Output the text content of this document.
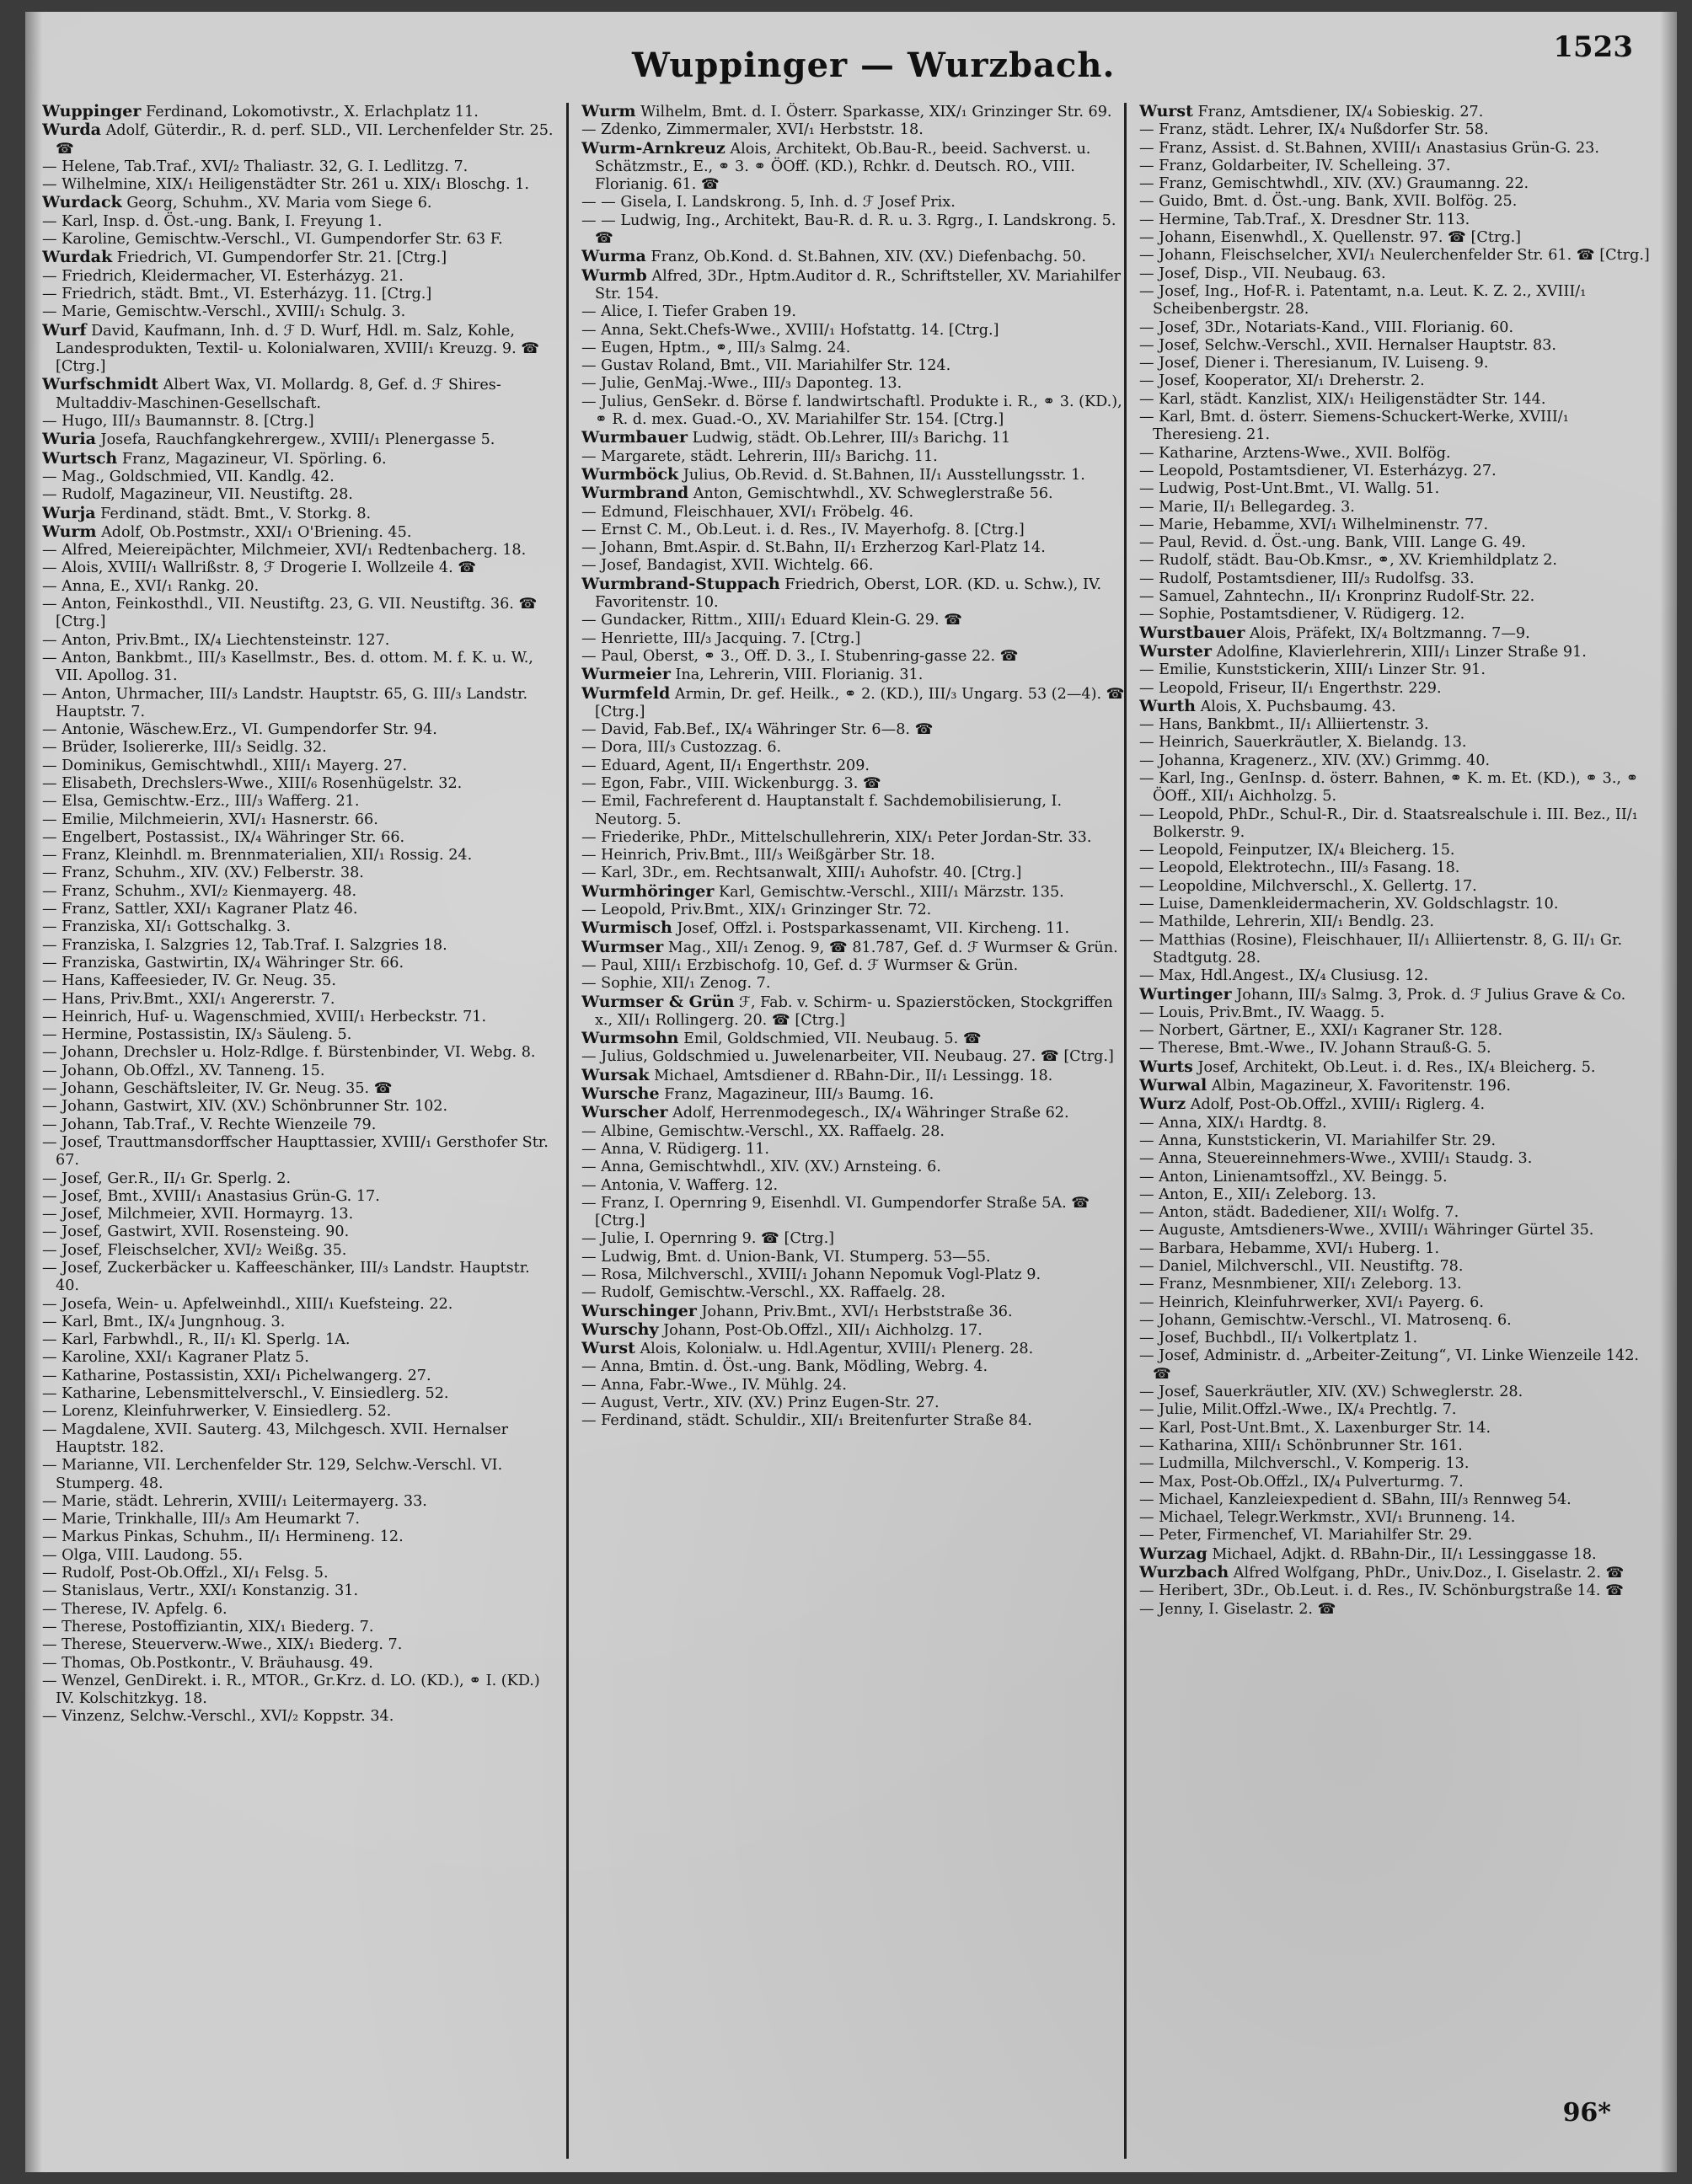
Wuppinger — Wurzbach.	1523
Wuppinger Ferdinand, Lokomotivstr., X. Erlachplatz 11.
Wurda Adolf, Güterdir., R. d. perf. SLD., VII. Lerchenfelder Str. 25. ☎
— Helene, Tab.Traf., XVI/₂ Thaliastr. 32, G. I. Ledlitzg. 7.
— Wilhelmine, XIX/₁ Heiligenstädter Str. 261 u. XIX/₁ Bloschg. 1.
Wurdack Georg, Schuhm., XV. Maria vom Siege 6.
— Karl, Insp. d. Öst.-ung. Bank, I. Freyung 1.
— Karoline, Gemischtw.-Verschl., VI. Gumpendorfer Str. 63 F.
Wurdak Friedrich, VI. Gumpendorfer Str. 21. [Ctrg.]
— Friedrich, Kleidermacher, VI. Esterházyg. 21.
— Friedrich, städt. Bmt., VI. Esterházyg. 11. [Ctrg.]
— Marie, Gemischtw.-Verschl., XVIII/₁ Schulg. 3.
Wurf David, Kaufmann, Inh. d. ℱ D. Wurf, Hdl. m. Salz, Kohle, Landesprodukten, Textil- u. Kolonialwaren, XVIII/₁ Kreuzg. 9. ☎ [Ctrg.]
Wurfschmidt Albert Wax, VI. Mollardg. 8, Gef. d. ℱ Shires-Multaddiv-Maschinen-Gesellschaft.
— Hugo, III/₃ Baumannstr. 8. [Ctrg.]
Wuria Josefa, Rauchfangkehrergew., XVIII/₁ Plenergasse 5.
Wurtsch Franz, Magazineur, VI. Spörling. 6.
— Mag., Goldschmied, VII. Kandlg. 42.
— Rudolf, Magazineur, VII. Neustiftg. 28.
Wurja Ferdinand, städt. Bmt., V. Storkg. 8.
Wurm Adolf, Ob.Postmstr., XXI/₁ O'Briening. 45.
— Alfred, Meiereipächter, Milchmeier, XVI/₁ Redtenbacherg. 18.
— Alois, XVIII/₁ Wallrißstr. 8, ℱ Drogerie I. Wollzeile 4. ☎
— Anna, E., XVI/₁ Rankg. 20.
— Anton, Feinkosthdl., VII. Neustiftg. 23, G. VII. Neustiftg. 36. ☎ [Ctrg.]
— Anton, Priv.Bmt., IX/₄ Liechtensteinstr. 127.
— Anton, Bankbmt., III/₃ Kasellmstr., Bes. d. ottom. M. f. K. u. W., VII. Apollog. 31.
— Anton, Uhrmacher, III/₃ Landstr. Hauptstr. 65, G. III/₃ Landstr. Hauptstr. 7.
— Antonie, Wäschew.Erz., VI. Gumpendorfer Str. 94.
— Brüder, Isoliererke, III/₃ Seidlg. 32.
— Dominikus, Gemischtwhdl., XIII/₁ Mayerg. 27.
— Elisabeth, Drechslers-Wwe., XIII/₆ Rosenhügelstr. 32.
— Elsa, Gemischtw.-Erz., III/₃ Wafferg. 21.
— Emilie, Milchmeierin, XVI/₁ Hasnerstr. 66.
— Engelbert, Postassist., IX/₄ Währinger Str. 66.
— Franz, Kleinhdl. m. Brennmaterialien, XII/₁ Rossig. 24.
— Franz, Schuhm., XIV. (XV.) Felberstr. 38.
— Franz, Schuhm., XVI/₂ Kienmayerg. 48.
— Franz, Sattler, XXI/₁ Kagraner Platz 46.
— Franziska, XI/₁ Gottschalkg. 3.
— Franziska, I. Salzgries 12, Tab.Traf. I. Salzgries 18.
— Franziska, Gastwirtin, IX/₄ Währinger Str. 66.
— Hans, Kaffeesieder, IV. Gr. Neug. 35.
— Hans, Priv.Bmt., XXI/₁ Angererstr. 7.
— Heinrich, Huf- u. Wagenschmied, XVIII/₁ Herbeckstr. 71.
— Hermine, Postassistin, IX/₃ Säuleng. 5.
— Johann, Drechsler u. Holz-Rdlge. f. Bürstenbinder, VI. Webg. 8.
— Johann, Ob.Offzl., XV. Tanneng. 15.
— Johann, Geschäftsleiter, IV. Gr. Neug. 35. ☎
— Johann, Gastwirt, XIV. (XV.) Schönbrunner Str. 102.
— Johann, Tab.Traf., V. Rechte Wienzeile 79.
— Josef, Trauttmansdorffscher Haupttassier, XVIII/₁ Gersthofer Str. 67.
— Josef, Ger.R., II/₁ Gr. Sperlg. 2.
— Josef, Bmt., XVIII/₁ Anastasius Grün-G. 17.
— Josef, Milchmeier, XVII. Hormayrg. 13.
— Josef, Gastwirt, XVII. Rosensteing. 90.
— Josef, Fleischselcher, XVI/₂ Weißg. 35.
— Josef, Zuckerbäcker u. Kaffeeschänker, III/₃ Landstr. Hauptstr. 40.
— Josefa, Wein- u. Apfelweinhdl., XIII/₁ Kuefsteing. 22.
— Karl, Bmt., IX/₄ Jungnhoug. 3.
— Karl, Farbwhdl., R., II/₁ Kl. Sperlg. 1A.
— Karoline, XXI/₁ Kagraner Platz 5.
— Katharine, Postassistin, XXI/₁ Pichelwangerg. 27.
— Katharine, Lebensmittelverschl., V. Einsiedlerg. 52.
— Lorenz, Kleinfuhrwerker, V. Einsiedlerg. 52.
— Magdalene, XVII. Sauterg. 43, Milchgesch. XVII. Hernalser Hauptstr. 182.
— Marianne, VII. Lerchenfelder Str. 129, Selchw.-Verschl. VI. Stumperg. 48.
— Marie, städt. Lehrerin, XVIII/₁ Leitermayerg. 33.
— Marie, Trinkhalle, III/₃ Am Heumarkt 7.
— Markus Pinkas, Schuhm., II/₁ Hermineng. 12.
— Olga, VIII. Laudong. 55.
— Rudolf, Post-Ob.Offzl., XI/₁ Felsg. 5.
— Stanislaus, Vertr., XXI/₁ Konstanzig. 31.
— Therese, IV. Apfelg. 6.
— Therese, Postoffiziantin, XIX/₁ Biederg. 7.
— Therese, Steuerverw.-Wwe., XIX/₁ Biederg. 7.
— Thomas, Ob.Postkontr., V. Bräuhausg. 49.
— Wenzel, GenDirekt. i. R., MTOR., Gr.Krz. d. LO. (KD.), ⚭ I. (KD.) IV. Kolschitzkyg. 18.
— Vinzenz, Selchw.-Verschl., XVI/₂ Koppstr. 34.
Wurm Wilhelm, Bmt. d. I. Österr. Sparkasse, XIX/₁ Grinzinger Str. 69.
— Zdenko, Zimmermaler, XVI/₁ Herbststr. 18.
Wurm-Arnkreuz Alois, Architekt, Ob.Bau-R., beeid. Sachverst. u. Schätzmstr., E., ⚭ 3. ⚭ ÖOff. (KD.), Rchkr. d. Deutsch. RO., VIII. Florianig. 61. ☎
— — Gisela, I. Landskrong. 5, Inh. d. ℱ Josef Prix.
— — Ludwig, Ing., Architekt, Bau-R. d. R. u. 3. Rgrg., I. Landskrong. 5. ☎
Wurma Franz, Ob.Kond. d. St.Bahnen, XIV. (XV.) Diefenbachg. 50.
Wurmb Alfred, 3Dr., Hptm.Auditor d. R., Schriftsteller, XV. Mariahilfer Str. 154.
— Alice, I. Tiefer Graben 19.
— Anna, Sekt.Chefs-Wwe., XVIII/₁ Hofstattg. 14. [Ctrg.]
— Eugen, Hptm., ⚭, III/₃ Salmg. 24.
— Gustav Roland, Bmt., VII. Mariahilfer Str. 124.
— Julie, GenMaj.-Wwe., III/₃ Daponteg. 13.
— Julius, GenSekr. d. Börse f. landwirtschaftl. Produkte i. R., ⚭ 3. (KD.), ⚭ R. d. mex. Guad.-O., XV. Mariahilfer Str. 154. [Ctrg.]
Wurmbauer Ludwig, städt. Ob.Lehrer, III/₃ Barichg. 11
— Margarete, städt. Lehrerin, III/₃ Barichg. 11.
Wurmböck Julius, Ob.Revid. d. St.Bahnen, II/₁ Ausstellungsstr. 1.
Wurmbrand Anton, Gemischtwhdl., XV. Schweglerstraße 56.
— Edmund, Fleischhauer, XVI/₁ Fröbelg. 46.
— Ernst C. M., Ob.Leut. i. d. Res., IV. Mayerhofg. 8. [Ctrg.]
— Johann, Bmt.Aspir. d. St.Bahn, II/₁ Erzherzog Karl-Platz 14.
— Josef, Bandagist, XVII. Wichtelg. 66.
Wurmbrand-Stuppach Friedrich, Oberst, LOR. (KD. u. Schw.), IV. Favoritenstr. 10.
— Gundacker, Rittm., XIII/₁ Eduard Klein-G. 29. ☎
— Henriette, III/₃ Jacquing. 7. [Ctrg.]
— Paul, Oberst, ⚭ 3., Off. D. 3., I. Stubenring-gasse 22. ☎
Wurmeier Ina, Lehrerin, VIII. Florianig. 31.
Wurmfeld Armin, Dr. gef. Heilk., ⚭ 2. (KD.), III/₃ Ungarg. 53 (2—4). ☎ [Ctrg.]
— David, Fab.Bef., IX/₄ Währinger Str. 6—8. ☎
— Dora, III/₃ Custozzag. 6.
— Eduard, Agent, II/₁ Engerthstr. 209.
— Egon, Fabr., VIII. Wickenburgg. 3. ☎
— Emil, Fachreferent d. Hauptanstalt f. Sachdemobilisierung, I. Neutorg. 5.
— Friederike, PhDr., Mittelschullehrerin, XIX/₁ Peter Jordan-Str. 33.
— Heinrich, Priv.Bmt., III/₃ Weißgärber Str. 18.
— Karl, 3Dr., em. Rechtsanwalt, XIII/₁ Auhofstr. 40. [Ctrg.]
Wurmhöringer Karl, Gemischtw.-Verschl., XIII/₁ Märzstr. 135.
— Leopold, Priv.Bmt., XIX/₁ Grinzinger Str. 72.
Wurmisch Josef, Offzl. i. Postsparkassenamt, VII. Kircheng. 11.
Wurmser Mag., XII/₁ Zenog. 9, ☎ 81.787, Gef. d. ℱ Wurmser & Grün.
— Paul, XIII/₁ Erzbischofg. 10, Gef. d. ℱ Wurmser & Grün.
— Sophie, XII/₁ Zenog. 7.
Wurmser & Grün ℱ, Fab. v. Schirm- u. Spazierstöcken, Stockgriffen x., XII/₁ Rollingerg. 20. ☎ [Ctrg.]
Wurmsohn Emil, Goldschmied, VII. Neubaug. 5. ☎
— Julius, Goldschmied u. Juwelenarbeiter, VII. Neubaug. 27. ☎ [Ctrg.]
Wursak Michael, Amtsdiener d. RBahn-Dir., II/₁ Lessingg. 18.
Wursche Franz, Magazineur, III/₃ Baumg. 16.
Wurscher Adolf, Herrenmodegesch., IX/₄ Währinger Straße 62.
— Albine, Gemischtw.-Verschl., XX. Raffaelg. 28.
— Anna, V. Rüdigerg. 11.
— Anna, Gemischtwhdl., XIV. (XV.) Arnsteing. 6.
— Antonia, V. Wafferg. 12.
— Franz, I. Opernring 9, Eisenhdl. VI. Gumpendorfer Straße 5A. ☎ [Ctrg.]
— Julie, I. Opernring 9. ☎ [Ctrg.]
— Ludwig, Bmt. d. Union-Bank, VI. Stumperg. 53—55.
— Rosa, Milchverschl., XVIII/₁ Johann Nepomuk Vogl-Platz 9.
— Rudolf, Gemischtw.-Verschl., XX. Raffaelg. 28.
Wurschinger Johann, Priv.Bmt., XVI/₁ Herbststraße 36.
Wurschy Johann, Post-Ob.Offzl., XII/₁ Aichholzg. 17.
Wurst Alois, Kolonialw. u. Hdl.Agentur, XVIII/₁ Plenerg. 28.
— Anna, Bmtin. d. Öst.-ung. Bank, Mödling, Webrg. 4.
— Anna, Fabr.-Wwe., IV. Mühlg. 24.
— August, Vertr., XIV. (XV.) Prinz Eugen-Str. 27.
— Ferdinand, städt. Schuldir., XII/₁ Breitenfurter Straße 84.
Wurst Franz, Amtsdiener, IX/₄ Sobieskig. 27.
— Franz, städt. Lehrer, IX/₄ Nußdorfer Str. 58.
— Franz, Assist. d. St.Bahnen, XVIII/₁ Anastasius Grün-G. 23.
— Franz, Goldarbeiter, IV. Schelleing. 37.
— Franz, Gemischtwhdl., XIV. (XV.) Graumanng. 22.
— Guido, Bmt. d. Öst.-ung. Bank, XVII. Bolfög. 25.
— Hermine, Tab.Traf., X. Dresdner Str. 113.
— Johann, Eisenwhdl., X. Quellenstr. 97. ☎ [Ctrg.]
— Johann, Fleischselcher, XVI/₁ Neulerchenfelder Str. 61. ☎ [Ctrg.]
— Josef, Disp., VII. Neubaug. 63.
— Josef, Ing., Hof-R. i. Patentamt, n.a. Leut. K. Z. 2., XVIII/₁ Scheibenbergstr. 28.
— Josef, 3Dr., Notariats-Kand., VIII. Florianig. 60.
— Josef, Selchw.-Verschl., XVII. Hernalser Hauptstr. 83.
— Josef, Diener i. Theresianum, IV. Luiseng. 9.
— Josef, Kooperator, XI/₁ Dreherstr. 2.
— Karl, städt. Kanzlist, XIX/₁ Heiligenstädter Str. 144.
— Karl, Bmt. d. österr. Siemens-Schuckert-Werke, XVIII/₁ Theresieng. 21.
— Katharine, Arztens-Wwe., XVII. Bolfög.
— Leopold, Postamtsdiener, VI. Esterházyg. 27.
— Ludwig, Post-Unt.Bmt., VI. Wallg. 51.
— Marie, II/₁ Bellegardeg. 3.
— Marie, Hebamme, XVI/₁ Wilhelminenstr. 77.
— Paul, Revid. d. Öst.-ung. Bank, VIII. Lange G. 49.
— Rudolf, städt. Bau-Ob.Kmsr., ⚭, XV. Kriemhildplatz 2.
— Rudolf, Postamtsdiener, III/₃ Rudolfsg. 33.
— Samuel, Zahntechn., II/₁ Kronprinz Rudolf-Str. 22.
— Sophie, Postamtsdiener, V. Rüdigerg. 12.
Wurstbauer Alois, Präfekt, IX/₄ Boltzmanng. 7—9.
Wurster Adolfine, Klavierlehrerin, XIII/₁ Linzer Straße 91.
— Emilie, Kunststickerin, XIII/₁ Linzer Str. 91.
— Leopold, Friseur, II/₁ Engerthstr. 229.
Wurth Alois, X. Puchsbaumg. 43.
— Hans, Bankbmt., II/₁ Alliiertenstr. 3.
— Heinrich, Sauerkräutler, X. Bielandg. 13.
— Johanna, Kragenerz., XIV. (XV.) Grimmg. 40.
— Karl, Ing., GenInsp. d. österr. Bahnen, ⚭ K. m. Et. (KD.), ⚭ 3., ⚭ ÖOff., XII/₁ Aichholzg. 5.
— Leopold, PhDr., Schul-R., Dir. d. Staatsrealschule i. III. Bez., II/₁ Bolkerstr. 9.
— Leopold, Feinputzer, IX/₄ Bleicherg. 15.
— Leopold, Elektrotechn., III/₃ Fasang. 18.
— Leopoldine, Milchverschl., X. Gellertg. 17.
— Luise, Damenkleidermacherin, XV. Goldschlagstr. 10.
— Mathilde, Lehrerin, XII/₁ Bendlg. 23.
— Matthias (Rosine), Fleischhauer, II/₁ Alliiertenstr. 8, G. II/₁ Gr. Stadtgutg. 28.
— Max, Hdl.Angest., IX/₄ Clusiusg. 12.
Wurtinger Johann, III/₃ Salmg. 3, Prok. d. ℱ Julius Grave & Co.
— Louis, Priv.Bmt., IV. Waagg. 5.
— Norbert, Gärtner, E., XXI/₁ Kagraner Str. 128.
— Therese, Bmt.-Wwe., IV. Johann Strauß-G. 5.
Wurts Josef, Architekt, Ob.Leut. i. d. Res., IX/₄ Bleicherg. 5.
Wurwal Albin, Magazineur, X. Favoritenstr. 196.
Wurz Adolf, Post-Ob.Offzl., XVIII/₁ Riglerg. 4.
— Anna, XIX/₁ Hardtg. 8.
— Anna, Kunststickerin, VI. Mariahilfer Str. 29.
— Anna, Steuereinnehmers-Wwe., XVIII/₁ Staudg. 3.
— Anton, Linienamtsoffzl., XV. Beingg. 5.
— Anton, E., XII/₁ Zeleborg. 13.
— Anton, städt. Badediener, XII/₁ Wolfg. 7.
— Auguste, Amtsdieners-Wwe., XVIII/₁ Währinger Gürtel 35.
— Barbara, Hebamme, XVI/₁ Huberg. 1.
— Daniel, Milchverschl., VII. Neustiftg. 78.
— Franz, Mesnmbiener, XII/₁ Zeleborg. 13.
— Heinrich, Kleinfuhrwerker, XVI/₁ Payerg. 6.
— Johann, Gemischtw.-Verschl., VI. Matrosenq. 6.
— Josef, Buchbdl., II/₁ Volkertplatz 1.
— Josef, Administr. d. „Arbeiter-Zeitung“, VI. Linke Wienzeile 142. ☎
— Josef, Sauerkräutler, XIV. (XV.) Schweglerstr. 28.
— Julie, Milit.Offzl.-Wwe., IX/₄ Prechtlg. 7.
— Karl, Post-Unt.Bmt., X. Laxenburger Str. 14.
— Katharina, XIII/₁ Schönbrunner Str. 161.
— Ludmilla, Milchverschl., V. Komperig. 13.
— Max, Post-Ob.Offzl., IX/₄ Pulverturmg. 7.
— Michael, Kanzleiexpedient d. SBahn, III/₃ Rennweg 54.
— Michael, Telegr.Werkmstr., XVI/₁ Brunneng. 14.
— Peter, Firmenchef, VI. Mariahilfer Str. 29.
Wurzag Michael, Adjkt. d. RBahn-Dir., II/₁ Lessinggasse 18.
Wurzbach Alfred Wolfgang, PhDr., Univ.Doz., I. Giselastr. 2. ☎
— Heribert, 3Dr., Ob.Leut. i. d. Res., IV. Schönburgstraße 14. ☎
— Jenny, I. Giselastr. 2. ☎
96*
